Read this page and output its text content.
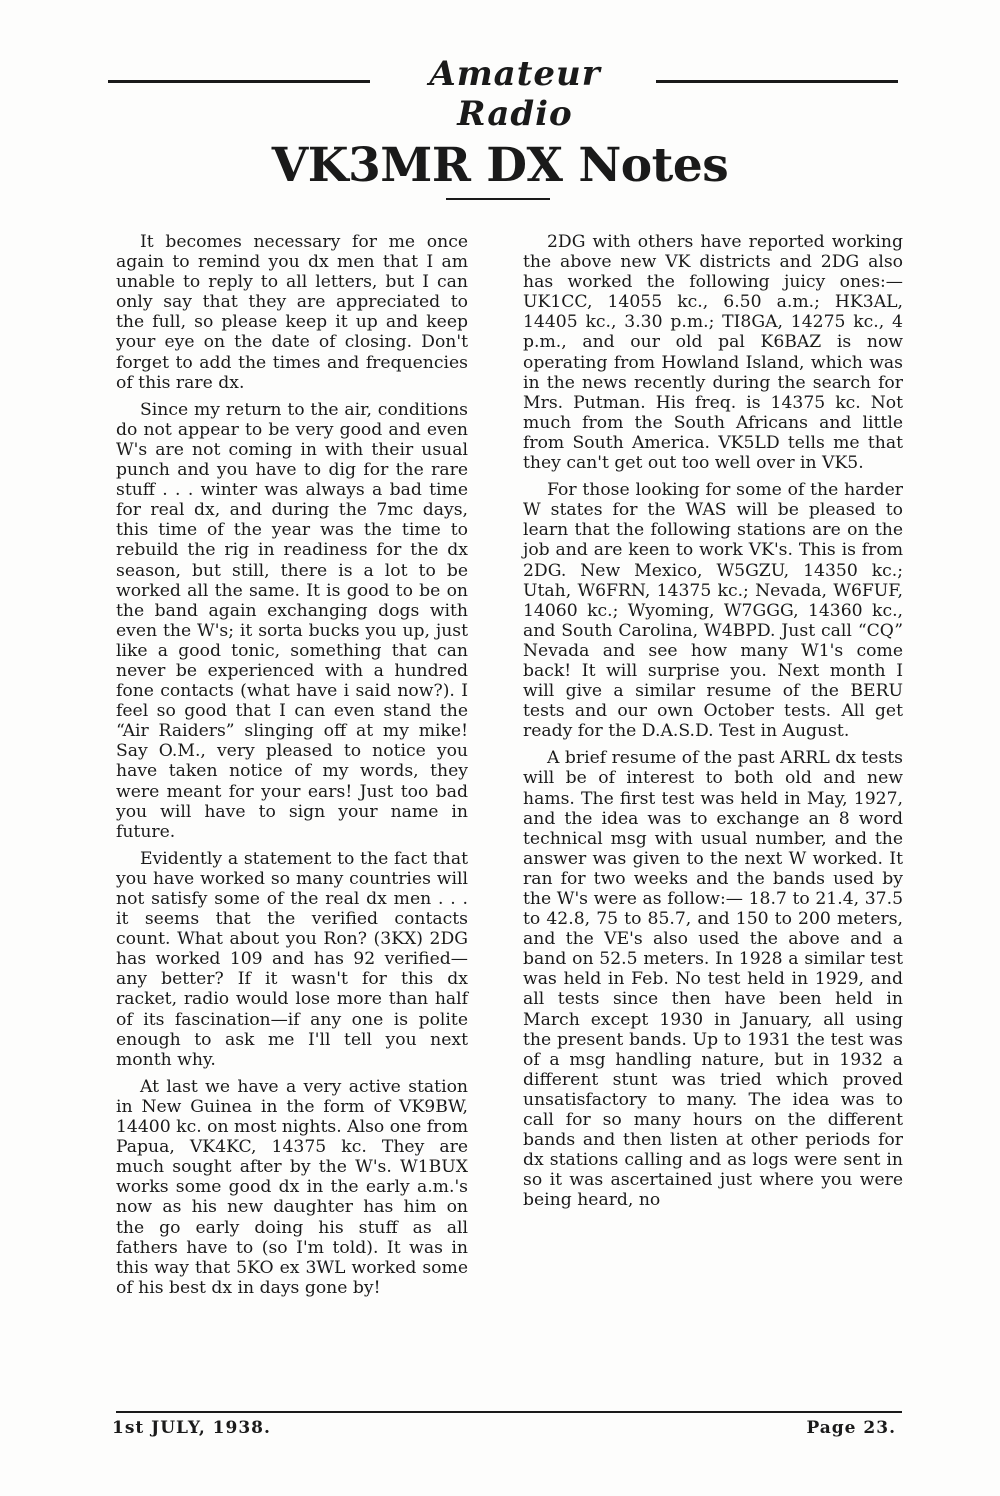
Amateur Radio
VK3MR DX Notes

It becomes necessary for me once again to remind you dx men that I am unable to reply to all letters, but I can only say that they are appreciated to the full, so please keep it up and keep your eye on the date of closing. Don't forget to add the times and frequencies of this rare dx.

Since my return to the air, conditions do not appear to be very good and even W's are not coming in with their usual punch and you have to dig for the rare stuff . . . winter was always a bad time for real dx, and during the 7mc days, this time of the year was the time to rebuild the rig in readiness for the dx season, but still, there is a lot to be worked all the same. It is good to be on the band again exchanging dogs with even the W's; it sorta bucks you up, just like a good tonic, something that can never be experienced with a hundred fone contacts (what have i said now?). I feel so good that I can even stand the “Air Raiders” slinging off at my mike! Say O.M., very pleased to notice you have taken notice of my words, they were meant for your ears! Just too bad you will have to sign your name in future.

Evidently a statement to the fact that you have worked so many countries will not satisfy some of the real dx men . . . it seems that the verified contacts count. What about you Ron? (3KX) 2DG has worked 109 and has 92 verified—any better? If it wasn't for this dx racket, radio would lose more than half of its fascination—if any one is polite enough to ask me I'll tell you next month why.

At last we have a very active station in New Guinea in the form of VK9BW, 14400 kc. on most nights. Also one from Papua, VK4KC, 14375 kc. They are much sought after by the W's. W1BUX works some good dx in the early a.m.'s now as his new daughter has him on the go early doing his stuff as all fathers have to (so I'm told). It was in this way that 5KO ex 3WL worked some of his best dx in days gone by!

2DG with others have reported working the above new VK districts and 2DG also has worked the following juicy ones:—UK1CC, 14055 kc., 6.50 a.m.; HK3AL, 14405 kc., 3.30 p.m.; TI8GA, 14275 kc., 4 p.m., and our old pal K6BAZ is now operating from Howland Island, which was in the news recently during the search for Mrs. Putman. His freq. is 14375 kc. Not much from the South Africans and little from South America. VK5LD tells me that they can't get out too well over in VK5.

For those looking for some of the harder W states for the WAS will be pleased to learn that the following stations are on the job and are keen to work VK's. This is from 2DG. New Mexico, W5GZU, 14350 kc.; Utah, W6FRN, 14375 kc.; Nevada, W6FUF, 14060 kc.; Wyoming, W7GGG, 14360 kc., and South Carolina, W4BPD. Just call “CQ” Nevada and see how many W1's come back! It will surprise you. Next month I will give a similar resume of the BERU tests and our own October tests. All get ready for the D.A.S.D. Test in August.

A brief resume of the past ARRL dx tests will be of interest to both old and new hams. The first test was held in May, 1927, and the idea was to exchange an 8 word technical msg with usual number, and the answer was given to the next W worked. It ran for two weeks and the bands used by the W's were as follow:— 18.7 to 21.4, 37.5 to 42.8, 75 to 85.7, and 150 to 200 meters, and the VE's also used the above and a band on 52.5 meters. In 1928 a similar test was held in Feb. No test held in 1929, and all tests since then have been held in March except 1930 in January, all using the present bands. Up to 1931 the test was of a msg handling nature, but in 1932 a different stunt was tried which proved unsatisfactory to many. The idea was to call for so many hours on the different bands and then listen at other periods for dx stations calling and as logs were sent in so it was ascertained just where you were being heard, no

1st JULY, 1938.	Page 23.
